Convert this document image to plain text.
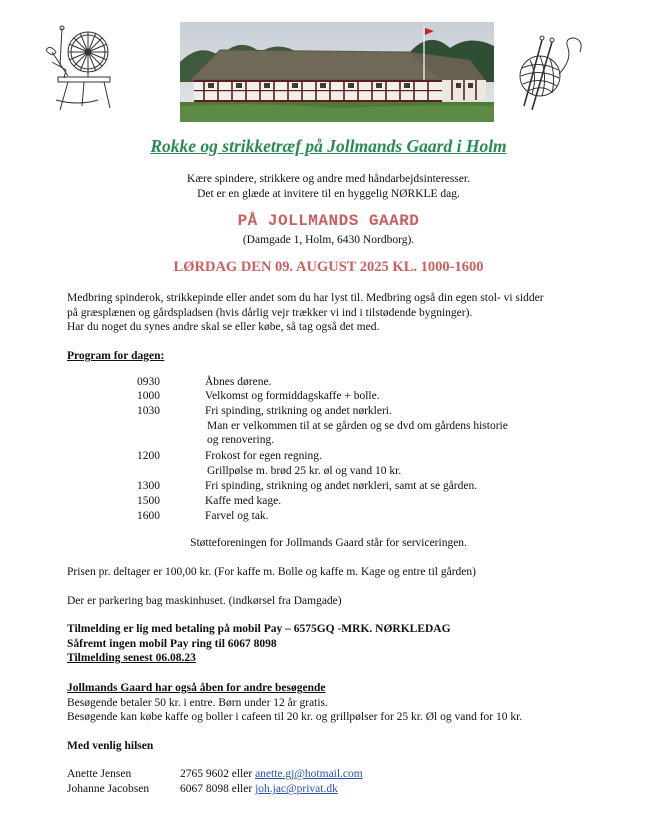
Rokke og strikketræf på Jollmands Gaard i Holm
Kære spindere, strikkere og andre med håndarbejdsinteresser.
Det er en glæde at invitere til en hyggelig NØRKLE dag.
PÅ JOLLMANDS GAARD
(Damgade 1, Holm, 6430 Nordborg).
LØRDAG DEN 09. AUGUST 2025 KL. 1000-1600
Medbring spinderok, strikkepinde eller andet som du har lyst til. Medbring også din egen stol- vi sidder
på græsplænen og gårdspladsen (hvis dårlig vejr trækker vi ind i tilstødende bygninger).
Har du noget du synes andre skal se eller købe, så tag også det med.
Program for dagen:
0930	Åbnes dørene.
1000	Velkomst og formiddagskaffe + bolle.
1030	Fri spinding, strikning og andet nørkleri.
Man er velkommen til at se gården og se dvd om gårdens historie
og renovering.
1200	Frokost for egen regning.
Grillpølse m. brød 25 kr. øl og vand 10 kr.
1300	Fri spinding, strikning og andet nørkleri, samt at se gården.
1500	Kaffe med kage.
1600	Farvel og tak.
Støtteforeningen for Jollmands Gaard står for serviceringen.
Prisen pr. deltager er 100,00 kr. (For kaffe m. Bolle og kaffe m. Kage og entre til gården)
Der er parkering bag maskinhuset. (indkørsel fra Damgade)
Tilmelding er lig med betaling på mobil Pay – 6575GQ -MRK. NØRKLEDAG
Såfremt ingen mobil Pay ring til 6067 8098
Tilmelding senest 06.08.23
Jollmands Gaard har også åben for andre besøgende
Besøgende betaler 50 kr. i entre. Børn under 12 år gratis.
Besøgende kan købe kaffe og boller i cafeen til 20 kr. og grillpølser for 25 kr. Øl og vand for 10 kr.
Med venlig hilsen
Anette Jensen	2765 9602 eller anette.gj@hotmail.com
Johanne Jacobsen	6067 8098 eller joh.jac@privat.dk
